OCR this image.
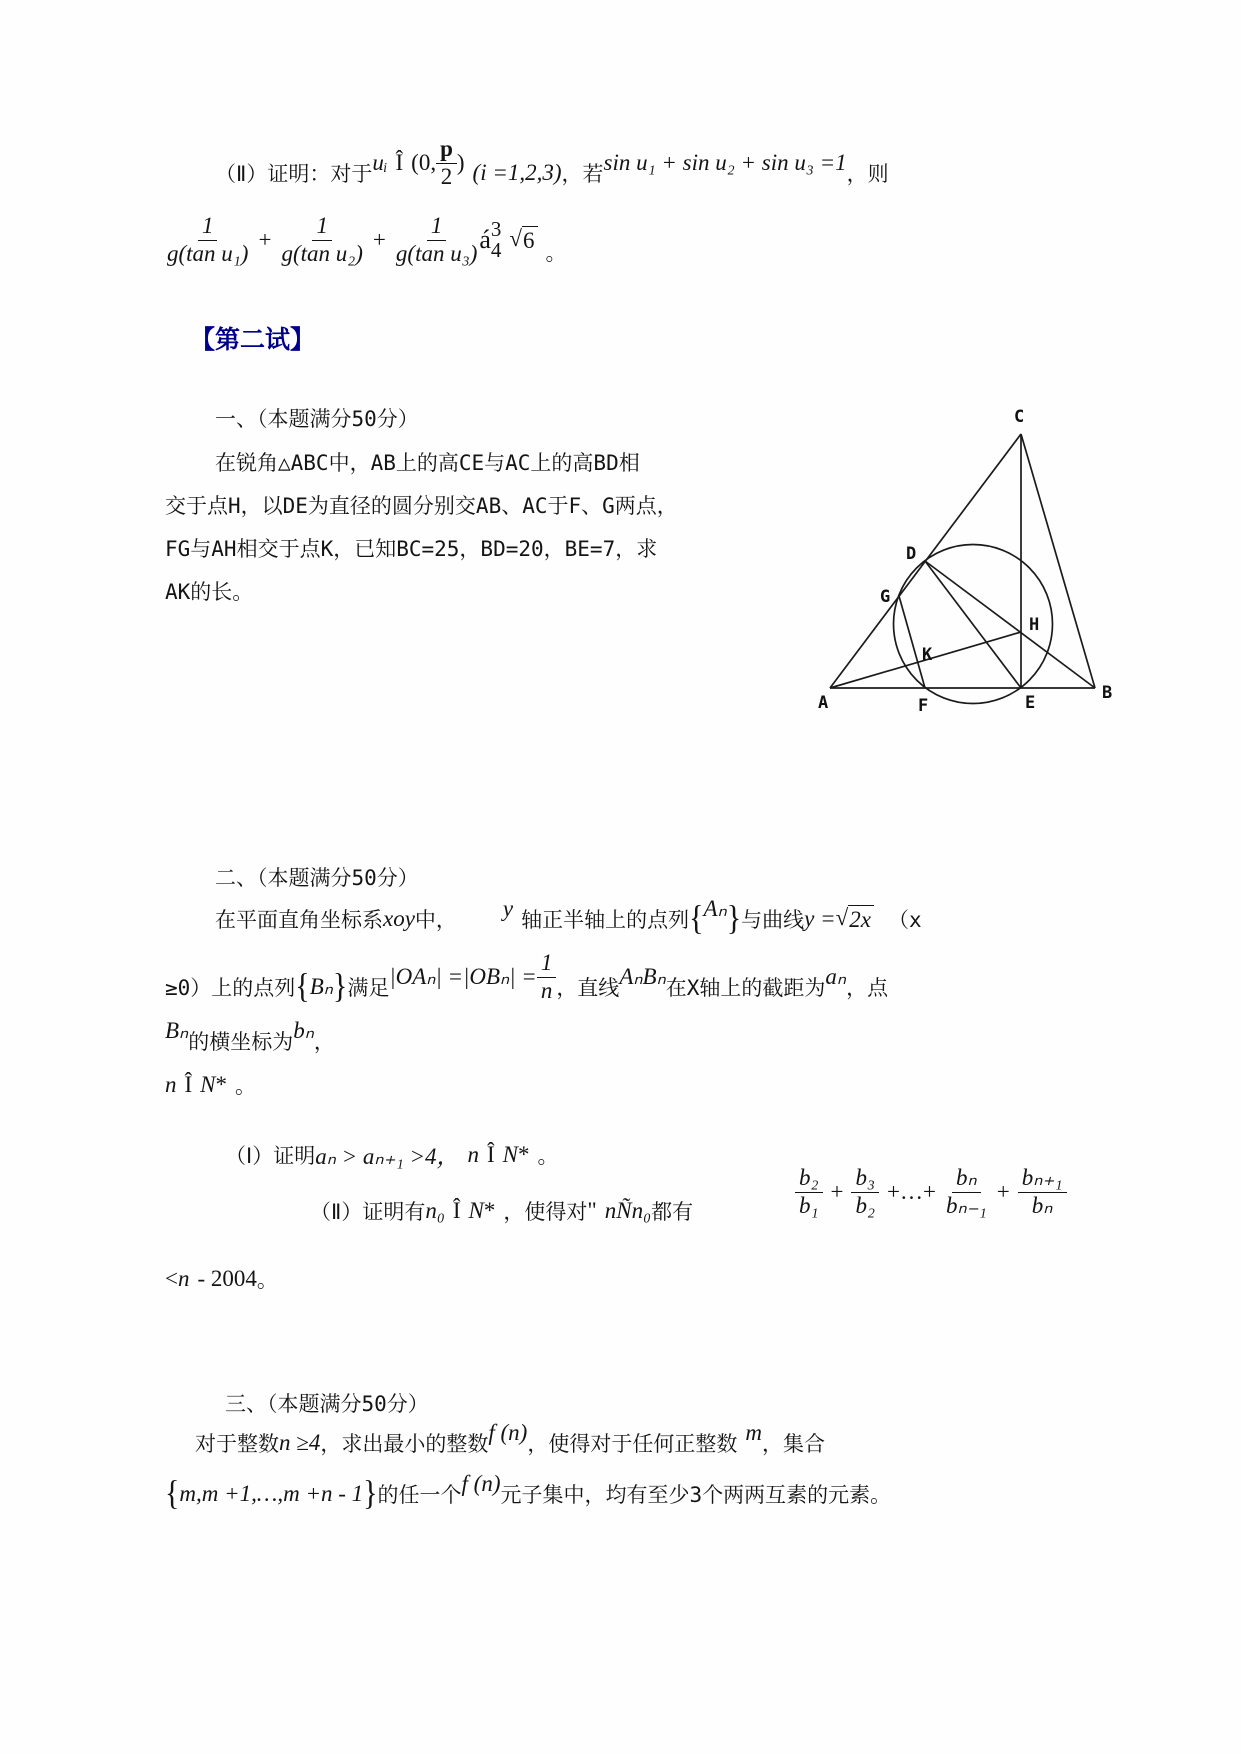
（Ⅱ）证明：对于 uᵢ Î (0, $\frac{p}{2}$ ) (i =1,2,3) ， 若 sin u₁ + sin u₂ + sin u₃ =1 ，则
$\frac{1}{\text{g(tan u₁)}} + \frac{1}{\text{g(tan u₂)}} + \frac{1}{\text{g(tan u₃)}}$ á 3
4 √ 6 。
【第二试】
一、（本题满分50分）
在锐角△ABC中，AB上的高CE与AC上的高BD相
交于点H，以DE为直径的圆分别交AB、AC于F、G两点，
FG与AH相交于点K，已知BC=25，BD=20，BE=7，求
AK的长。
C
D
G
H
K
A	F	E	B
二、（本题满分50分）
在平面直角坐标系 xoy 中， y 轴正半轴上的点列 { Aₙ } 与曲线 y = √ 2x （x
≥0）上的点列 { Bₙ } 满足 $|OA_n| =|OB_n| = \frac{1}{n}$ ，直线 AₙBₙ 在X轴上的截距为 aₙ ，点
Bₙ 的横坐标为 bₙ ，
n Î N * 。
（Ⅰ）证明 aₙ > aₙ₊₁ >4， n Î N * 。
（Ⅱ）证明有 n₀ Î N * ，使得对 " nÑn₀ 都有	$\frac{\text{b₂}}{\text{b₁}} + \frac{\text{b₃}}{\text{b₂}}$ +…+ $\frac{\text{bₙ}}{\text{bₙ₋₁}} + \frac{\text{bₙ₊₁}}{\text{bₙ}}$
< n - 2004 。
三、（本题满分50分）
对于整数 n ≥4 ，求出最小的整数 f (n) ，使得对于任何正整数 m ，集合
{ m,m +1,…,m +n - 1 } 的任一个 f (n) 元子集中，均有至少3个两两互素的元素。
